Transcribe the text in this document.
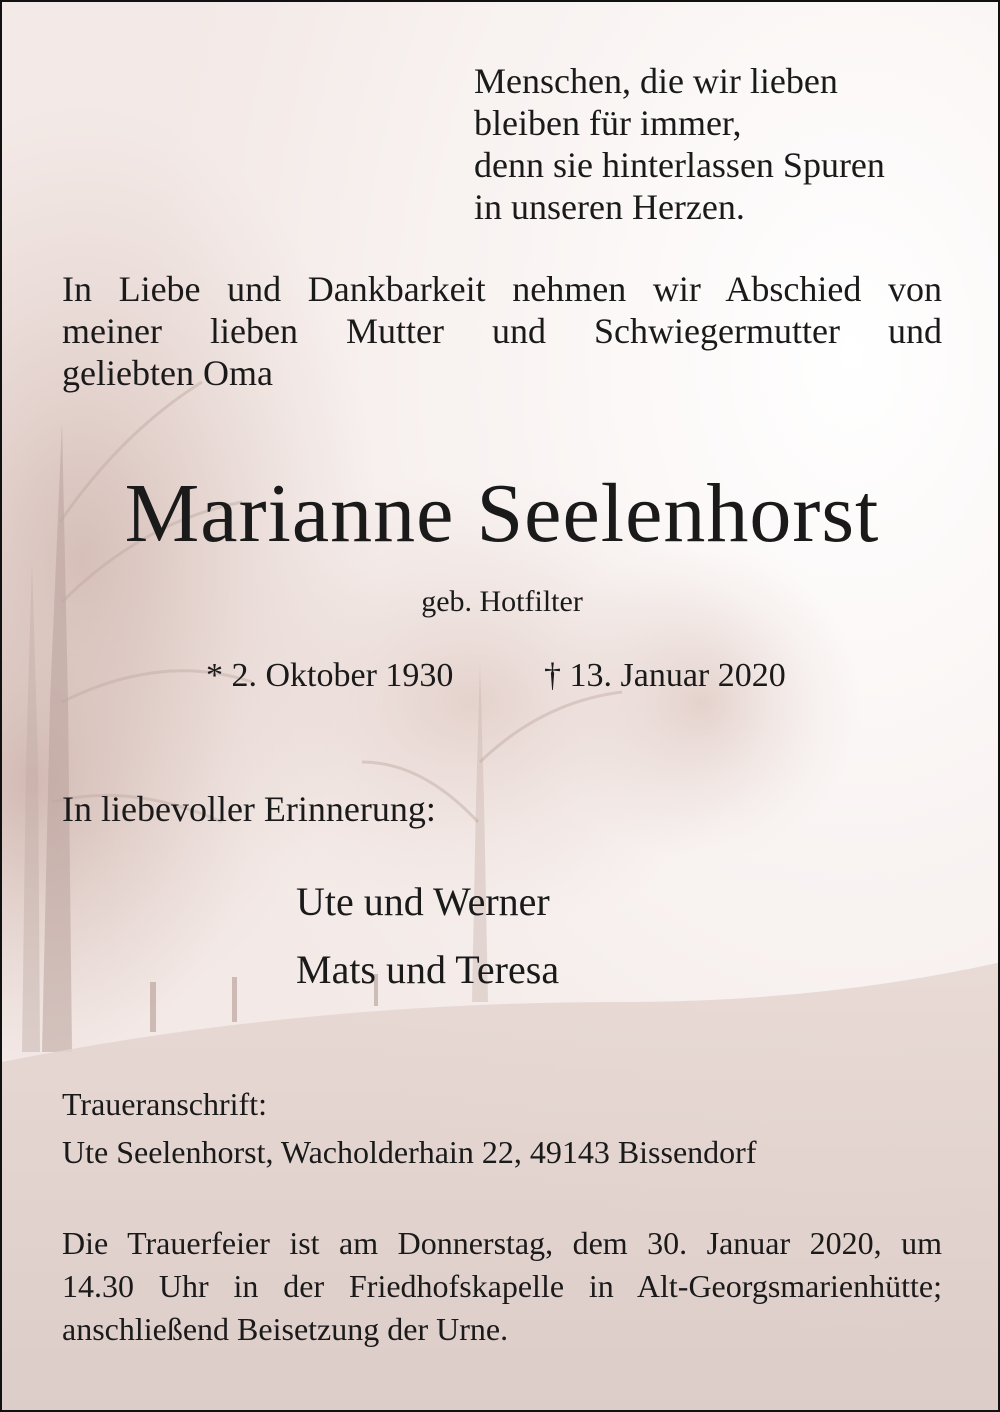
Menschen, die wir lieben
bleiben für immer,
denn sie hinterlassen Spuren
in unseren Herzen.
In Liebe und Dankbarkeit nehmen wir Abschied von
meiner lieben Mutter und Schwiegermutter und
geliebten Oma
Marianne Seelenhorst
geb. Hotfilter
* 2. Oktober 1930	† 13. Januar 2020
In liebevoller Erinnerung:
Ute und Werner
Mats und Teresa
Traueranschrift:
Ute Seelenhorst, Wacholderhain 22, 49143 Bissendorf
Die Trauerfeier ist am Donnerstag, dem 30. Januar 2020, um
14.30 Uhr in der Friedhofskapelle in Alt-Georgsmarienhütte;
anschließend Beisetzung der Urne.
